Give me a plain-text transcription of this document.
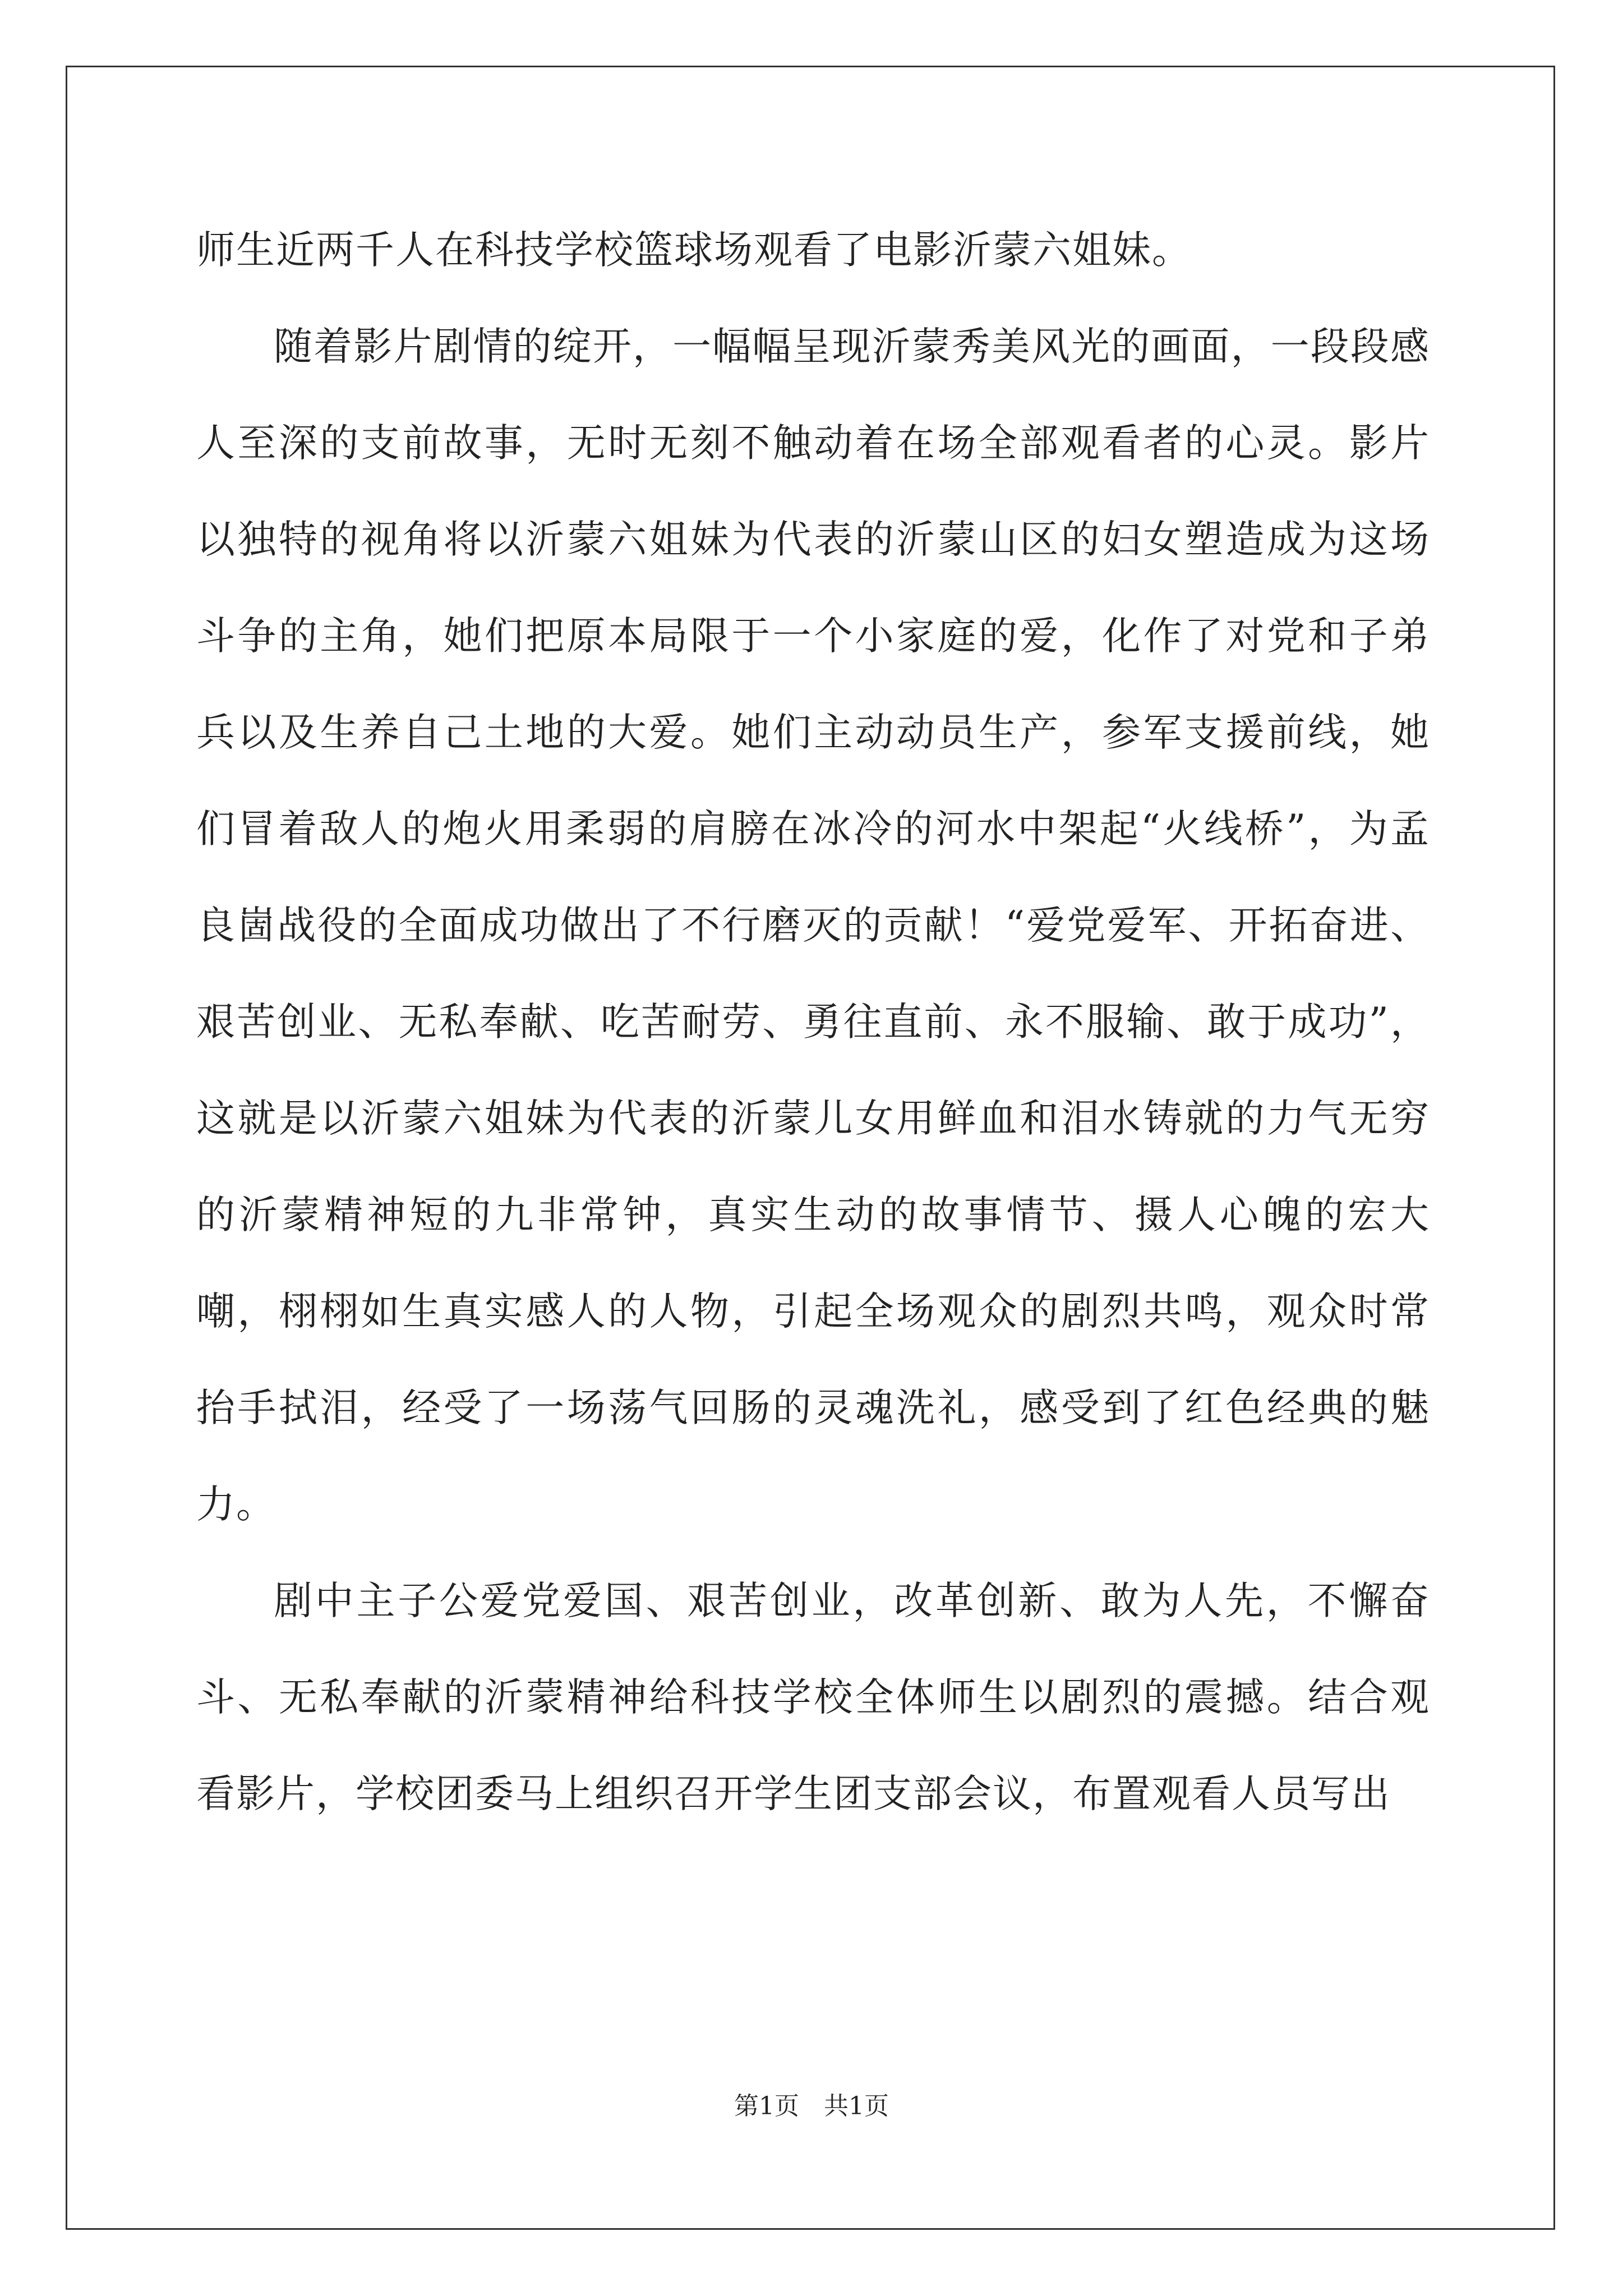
师生近两千人在科技学校篮球场观看了电影沂蒙六姐妹。

随着影片剧情的绽开，一幅幅呈现沂蒙秀美风光的画面，一段段感人至深的支前故事，无时无刻不触动着在场全部观看者的心灵。影片以独特的视角将以沂蒙六姐妹为代表的沂蒙山区的妇女塑造成为这场斗争的主角，她们把原本局限于一个小家庭的爱，化作了对党和子弟兵以及生养自己土地的大爱。她们主动动员生产，参军支援前线，她们冒着敌人的炮火用柔弱的肩膀在冰冷的河水中架起“火线桥”，为孟良崮战役的全面成功做出了不行磨灭的贡献！“爱党爱军、开拓奋进、艰苦创业、无私奉献、吃苦耐劳、勇往直前、永不服输、敢于成功”，这就是以沂蒙六姐妹为代表的沂蒙儿女用鲜血和泪水铸就的力气无穷的沂蒙精神短的九非常钟，真实生动的故事情节、摄人心魄的宏大嘲，栩栩如生真实感人的人物，引起全场观众的剧烈共鸣，观众时常抬手拭泪，经受了一场荡气回肠的灵魂洗礼，感受到了红色经典的魅力。

剧中主子公爱党爱国、艰苦创业，改革创新、敢为人先，不懈奋斗、无私奉献的沂蒙精神给科技学校全体师生以剧烈的震撼。结合观看影片，学校团委马上组织召开学生团支部会议，布置观看人员写出

第1页　共1页
